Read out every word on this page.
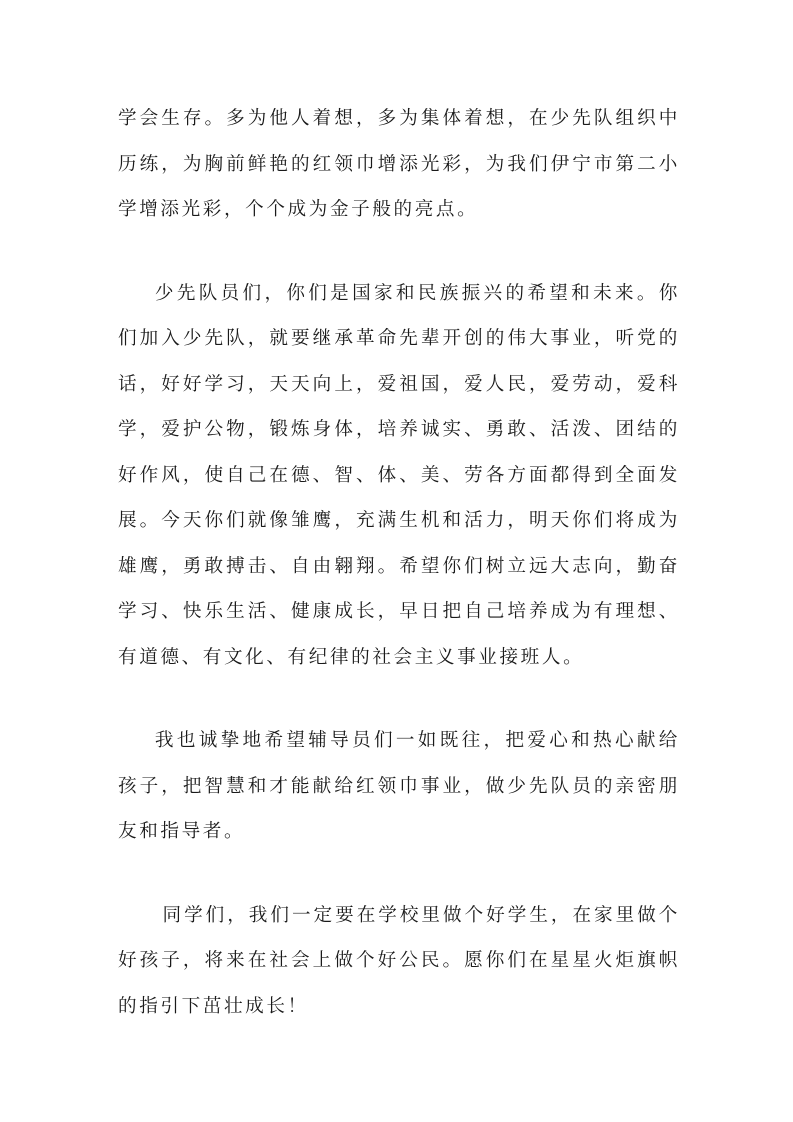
学会生存。多为他人着想，多为集体着想，在少先队组织中历练，为胸前鲜艳的红领巾增添光彩，为我们伊宁市第二小学增添光彩，个个成为金子般的亮点。

少先队员们，你们是国家和民族振兴的希望和未来。你们加入少先队，就要继承革命先辈开创的伟大事业，听党的话，好好学习，天天向上，爱祖国，爱人民，爱劳动，爱科学，爱护公物，锻炼身体，培养诚实、勇敢、活泼、团结的好作风，使自己在德、智、体、美、劳各方面都得到全面发展。今天你们就像雏鹰，充满生机和活力，明天你们将成为雄鹰，勇敢搏击、自由翱翔。希望你们树立远大志向，勤奋学习、快乐生活、健康成长，早日把自己培养成为有理想、有道德、有文化、有纪律的社会主义事业接班人。

我也诚挚地希望辅导员们一如既往，把爱心和热心献给孩子，把智慧和才能献给红领巾事业，做少先队员的亲密朋友和指导者。

同学们，我们一定要在学校里做个好学生，在家里做个好孩子，将来在社会上做个好公民。愿你们在星星火炬旗帜的指引下茁壮成长！
